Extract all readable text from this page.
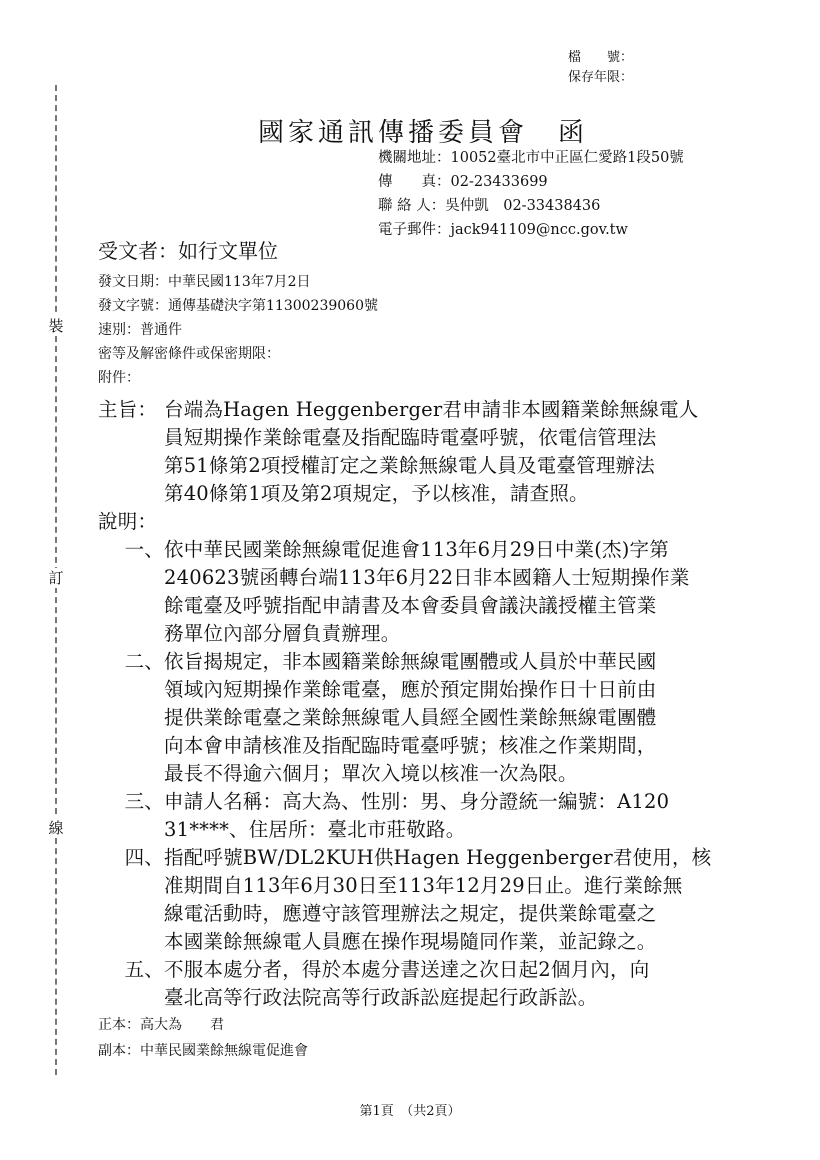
裝
訂
線
檔　　號：
保存年限：
國家通訊傳播委員會　函
機關地址：10052臺北市中正區仁愛路1段50號
傳　　真：02-23433699
聯 絡 人：吳仲凱　02-33438436
電子郵件：jack941109@ncc.gov.tw
受文者：如行文單位
發文日期：中華民國113年7月2日
發文字號：通傳基礎決字第11300239060號
速別：普通件
密等及解密條件或保密期限：
附件：
主旨： 台端為Hagen Heggenberger君申請非本國籍業餘無線電人

員短期操作業餘電臺及指配臨時電臺呼號，依電信管理法

第51條第2項授權訂定之業餘無線電人員及電臺管理辦法

第40條第1項及第2項規定，予以核准，請查照。

說明：
一、 依中華民國業餘無線電促進會113年6月29日中業(杰)字第

240623號函轉台端113年6月22日非本國籍人士短期操作業

餘電臺及呼號指配申請書及本會委員會議決議授權主管業

務單位內部分層負責辦理。

二、 依旨揭規定，非本國籍業餘無線電團體或人員於中華民國

領域內短期操作業餘電臺，應於預定開始操作日十日前由

提供業餘電臺之業餘無線電人員經全國性業餘無線電團體

向本會申請核准及指配臨時電臺呼號；核准之作業期間，

最長不得逾六個月；單次入境以核准一次為限。

三、 申請人名稱：高大為、性別：男、身分證統一編號：A120

31****、住居所：臺北市莊敬路。

四、 指配呼號BW/DL2KUH供Hagen Heggenberger君使用，核

准期間自113年6月30日至113年12月29日止。進行業餘無

線電活動時，應遵守該管理辦法之規定，提供業餘電臺之

本國業餘無線電人員應在操作現場隨同作業，並記錄之。

五、 不服本處分者，得於本處分書送達之次日起2個月內，向

臺北高等行政法院高等行政訴訟庭提起行政訴訟。

正本：高大為　　君
副本：中華民國業餘無線電促進會
第1頁　（共2頁）
